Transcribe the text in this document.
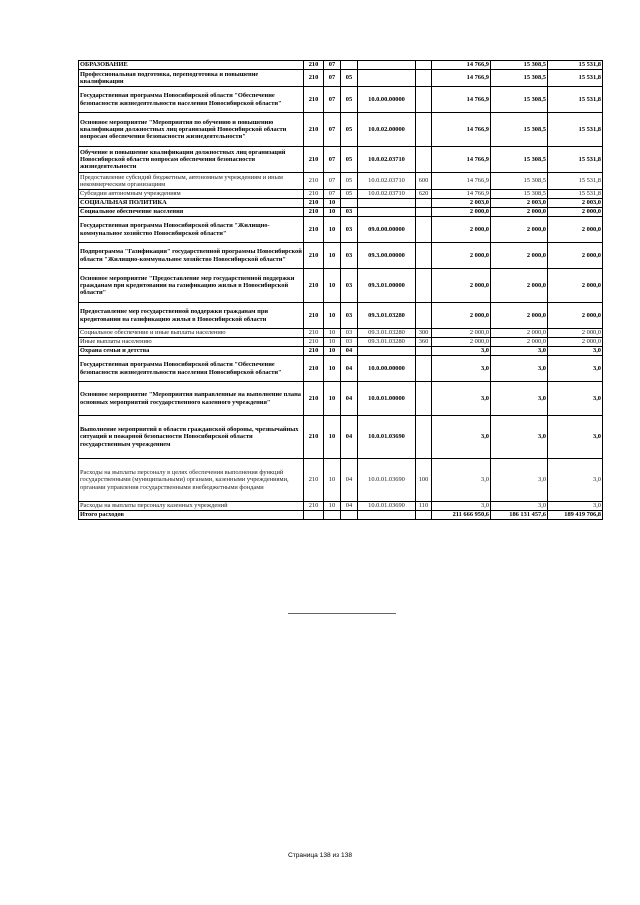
ОБРАЗОВАНИЕ	210	07				14 766,9	15 308,5	15 531,8
Профессиональная подготовка, переподготовка и повышение квалификации	210	07	05			14 766,9	15 308,5	15 531,8
Государственная программа Новосибирской области "Обеспечение безопасности жизнедеятельности населения Новосибирской области"	210	07	05	10.0.00.00000		14 766,9	15 308,5	15 531,8
Основное мероприятие "Мероприятия по обучению и повышению квалификации должностных лиц организаций Новосибирской области вопросам обеспечения безопасности жизнедеятельности"	210	07	05	10.0.02.00000		14 766,9	15 308,5	15 531,8
Обучение и повышение квалификации должностных лиц организаций Новосибирской области вопросам обеспечения безопасности жизнедеятельности	210	07	05	10.0.02.03710		14 766,9	15 308,5	15 531,8
Предоставление субсидий бюджетным, автономным учреждениям и иным некоммерческим организациям	210	07	05	10.0.02.03710	600	14 766,9	15 308,5	15 531,8
Субсидии автономным учреждениям	210	07	05	10.0.02.03710	620	14 766,9	15 308,5	15 531,8
СОЦИАЛЬНАЯ ПОЛИТИКА	210	10				2 003,0	2 003,0	2 003,0
Социальное обеспечение населения	210	10	03			2 000,0	2 000,0	2 000,0
Государственная программа Новосибирской области "Жилищно-коммунальное хозяйство Новосибирской области"	210	10	03	09.0.00.00000		2 000,0	2 000,0	2 000,0
Подпрограмма "Газификация" государственной программы Новосибирской области "Жилищно-коммунальное хозяйство Новосибирской области"	210	10	03	09.3.00.00000		2 000,0	2 000,0	2 000,0
Основное мероприятие "Предоставление мер государственной поддержки гражданам при кредитовании на газификацию жилья в Новосибирской области"	210	10	03	09.3.01.00000		2 000,0	2 000,0	2 000,0
Предоставление мер государственной поддержки гражданам при кредитовании на газификацию жилья в Новосибирской области	210	10	03	09.3.01.03280		2 000,0	2 000,0	2 000,0
Социальное обеспечение и иные выплаты населению	210	10	03	09.3.01.03280	300	2 000,0	2 000,0	2 000,0
Иные выплаты населению	210	10	03	09.3.01.03280	360	2 000,0	2 000,0	2 000,0
Охрана семьи и детства	210	10	04			3,0	3,0	3,0
Государственная программа Новосибирской области "Обеспечение безопасности жизнедеятельности населения Новосибирской области"	210	10	04	10.0.00.00000		3,0	3,0	3,0
Основное мероприятие "Мероприятия направленные на выполнение плана основных мероприятий государственного казенного учреждения"	210	10	04	10.0.01.00000		3,0	3,0	3,0
Выполнение мероприятий в области гражданской обороны, чрезвычайных ситуаций и пожарной безопасности Новосибирской области государственным учреждением	210	10	04	10.0.01.03690		3,0	3,0	3,0
Расходы на выплаты персоналу в целях обеспечения выполнения функций государственными (муниципальными) органами, казенными учреждениями, органами управления государственными внебюджетными фондами	210	10	04	10.0.01.03690	100	3,0	3,0	3,0
Расходы на выплаты персоналу казенных учреждений	210	10	04	10.0.01.03690	110	3,0	3,0	3,0
Итого расходов						211 666 950,6	186 131 457,6	189 419 706,8
Страница 138 из 138
